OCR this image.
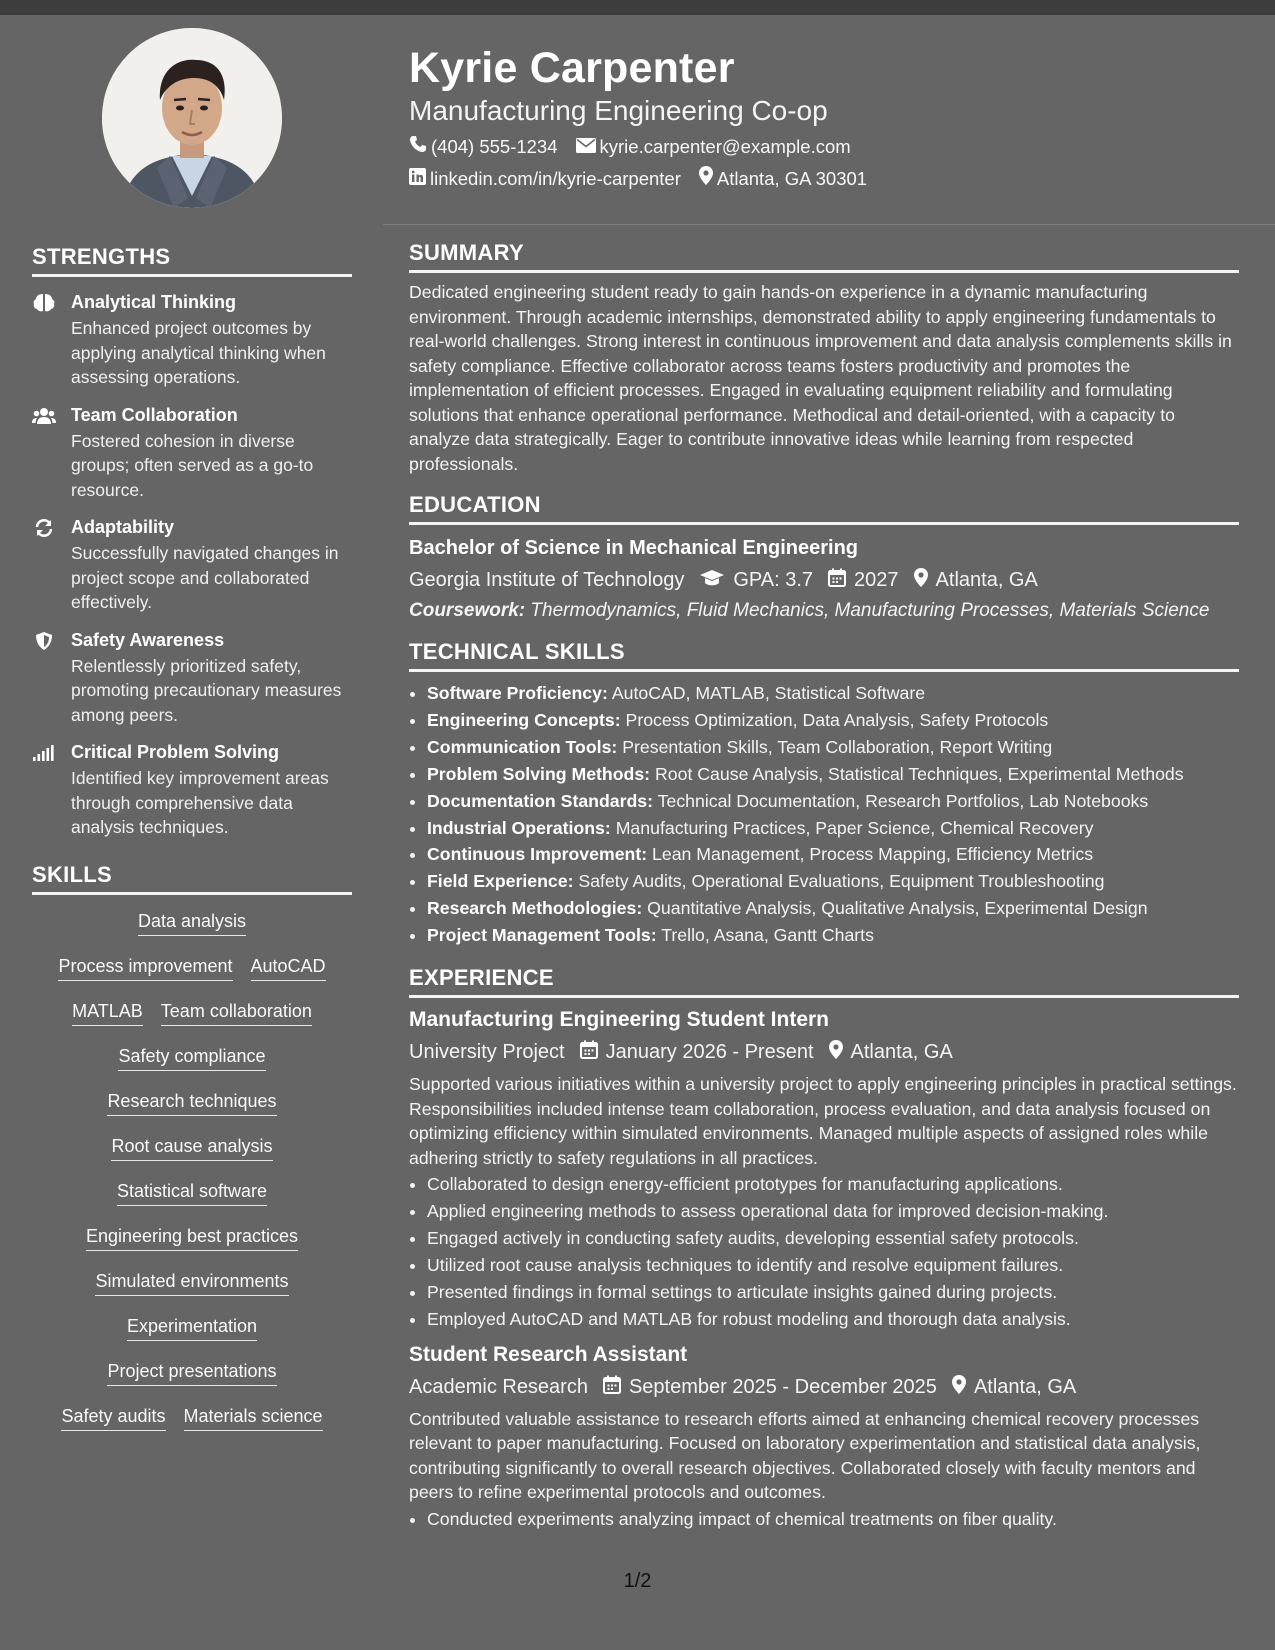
STRENGTHS
Analytical Thinking
Enhanced project outcomes by applying analytical thinking when assessing operations.
Team Collaboration
Fostered cohesion in diverse groups; often served as a go-to resource.
Adaptability
Successfully navigated changes in project scope and collaborated effectively.
Safety Awareness
Relentlessly prioritized safety, promoting precautionary measures among peers.
Critical Problem Solving
Identified key improvement areas through comprehensive data analysis techniques.
SKILLS
Data analysis
Process improvement AutoCAD
MATLAB Team collaboration
Safety compliance
Research techniques
Root cause analysis
Statistical software
Engineering best practices
Simulated environments
Experimentation
Project presentations
Safety audits Materials science
Kyrie Carpenter
Manufacturing Engineering Co-op
(404) 555-1234 kyrie.carpenter@example.com
linkedin.com/in/kyrie-carpenter Atlanta, GA 30301
SUMMARY
Dedicated engineering student ready to gain hands-on experience in a dynamic manufacturing environment. Through academic internships, demonstrated ability to apply engineering fundamentals to real-world challenges. Strong interest in continuous improvement and data analysis complements skills in safety compliance. Effective collaborator across teams fosters productivity and promotes the implementation of efficient processes. Engaged in evaluating equipment reliability and formulating solutions that enhance operational performance. Methodical and detail-oriented, with a capacity to analyze data strategically. Eager to contribute innovative ideas while learning from respected professionals.
EDUCATION
Bachelor of Science in Mechanical Engineering
Georgia Institute of Technology GPA: 3.7 2027 Atlanta, GA
Coursework: Thermodynamics, Fluid Mechanics, Manufacturing Processes, Materials Science
TECHNICAL SKILLS
• Software Proficiency: AutoCAD, MATLAB, Statistical Software
• Engineering Concepts: Process Optimization, Data Analysis, Safety Protocols
• Communication Tools: Presentation Skills, Team Collaboration, Report Writing
• Problem Solving Methods: Root Cause Analysis, Statistical Techniques, Experimental Methods
• Documentation Standards: Technical Documentation, Research Portfolios, Lab Notebooks
• Industrial Operations: Manufacturing Practices, Paper Science, Chemical Recovery
• Continuous Improvement: Lean Management, Process Mapping, Efficiency Metrics
• Field Experience: Safety Audits, Operational Evaluations, Equipment Troubleshooting
• Research Methodologies: Quantitative Analysis, Qualitative Analysis, Experimental Design
• Project Management Tools: Trello, Asana, Gantt Charts
EXPERIENCE
Manufacturing Engineering Student Intern
University Project January 2026 - Present Atlanta, GA
Supported various initiatives within a university project to apply engineering principles in practical settings. Responsibilities included intense team collaboration, process evaluation, and data analysis focused on optimizing efficiency within simulated environments. Managed multiple aspects of assigned roles while adhering strictly to safety regulations in all practices.
• Collaborated to design energy-efficient prototypes for manufacturing applications.
• Applied engineering methods to assess operational data for improved decision-making.
• Engaged actively in conducting safety audits, developing essential safety protocols.
• Utilized root cause analysis techniques to identify and resolve equipment failures.
• Presented findings in formal settings to articulate insights gained during projects.
• Employed AutoCAD and MATLAB for robust modeling and thorough data analysis.
Student Research Assistant
Academic Research September 2025 - December 2025 Atlanta, GA
Contributed valuable assistance to research efforts aimed at enhancing chemical recovery processes relevant to paper manufacturing. Focused on laboratory experimentation and statistical data analysis, contributing significantly to overall research objectives. Collaborated closely with faculty mentors and peers to refine experimental protocols and outcomes.
• Conducted experiments analyzing impact of chemical treatments on fiber quality.
1/2
